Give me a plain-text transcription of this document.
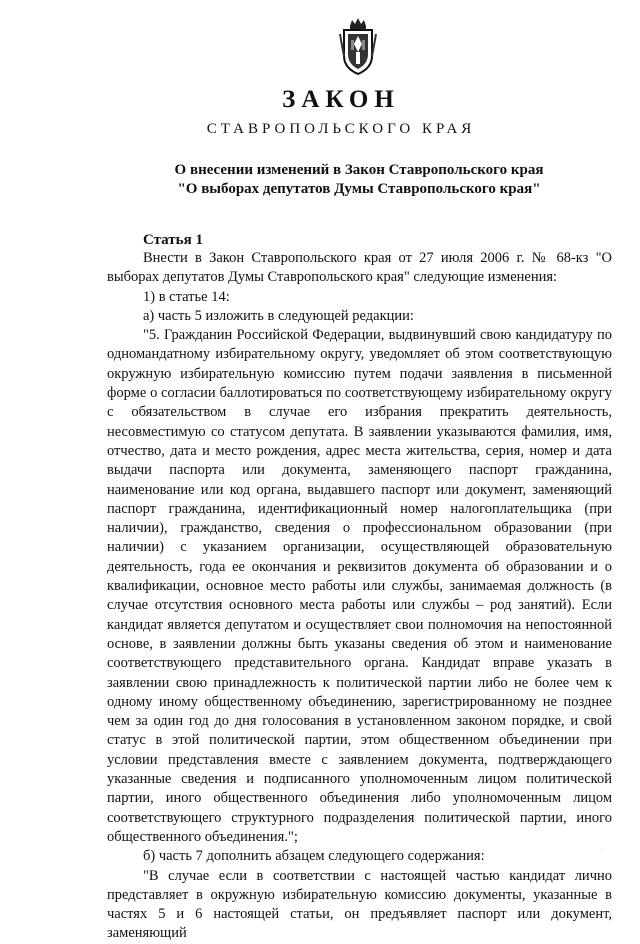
ЗАКОН
СТАВРОПОЛЬСКОГО КРАЯ
О внесении изменений в Закон Ставропольского края
"О выборах депутатов Думы Ставропольского края"
Статья 1

Внести в Закон Ставропольского края от 27 июля 2006 г. № 68-кз "О выборах депутатов Думы Ставропольского края" следующие изменения:

1) в статье 14:

а) часть 5 изложить в следующей редакции:

"5. Гражданин Российской Федерации, выдвинувший свою кандидатуру по одномандатному избирательному округу, уведомляет об этом соответствующую окружную избирательную комиссию путем подачи заявления в письменной форме о согласии баллотироваться по соответствующему избирательному округу с обязательством в случае его избрания прекратить деятельность, несовместимую со статусом депутата. В заявлении указываются фамилия, имя, отчество, дата и место рождения, адрес места жительства, серия, номер и дата выдачи паспорта или документа, заменяющего паспорт гражданина, наименование или код органа, выдавшего паспорт или документ, заменяющий паспорт гражданина, идентификационный номер налогоплательщика (при наличии), гражданство, сведения о профессиональном образовании (при наличии) с указанием организации, осуществляющей образовательную деятельность, года ее окончания и реквизитов документа об образовании и о квалификации, основное место работы или службы, занимаемая должность (в случае отсутствия основного места работы или службы – род занятий). Если кандидат является депутатом и осуществляет свои полномочия на непостоянной основе, в заявлении должны быть указаны сведения об этом и наименование соответствующего представительного органа. Кандидат вправе указать в заявлении свою принадлежность к политической партии либо не более чем к одному иному общественному объединению, зарегистрированному не позднее чем за один год до дня голосования в установленном законом порядке, и свой статус в этой политической партии, этом общественном объединении при условии представления вместе с заявлением документа, подтверждающего указанные сведения и подписанного уполномоченным лицом политической партии, иного общественного объединения либо уполномоченным лицом соответствующего структурного подразделения политической партии, иного общественного объединения.";

б) часть 7 дополнить абзацем следующего содержания:

"В случае если в соответствии с настоящей частью кандидат лично представляет в окружную избирательную комиссию документы, указанные в частях 5 и 6 настоящей статьи, он предъявляет паспорт или документ, заменяющий

·
